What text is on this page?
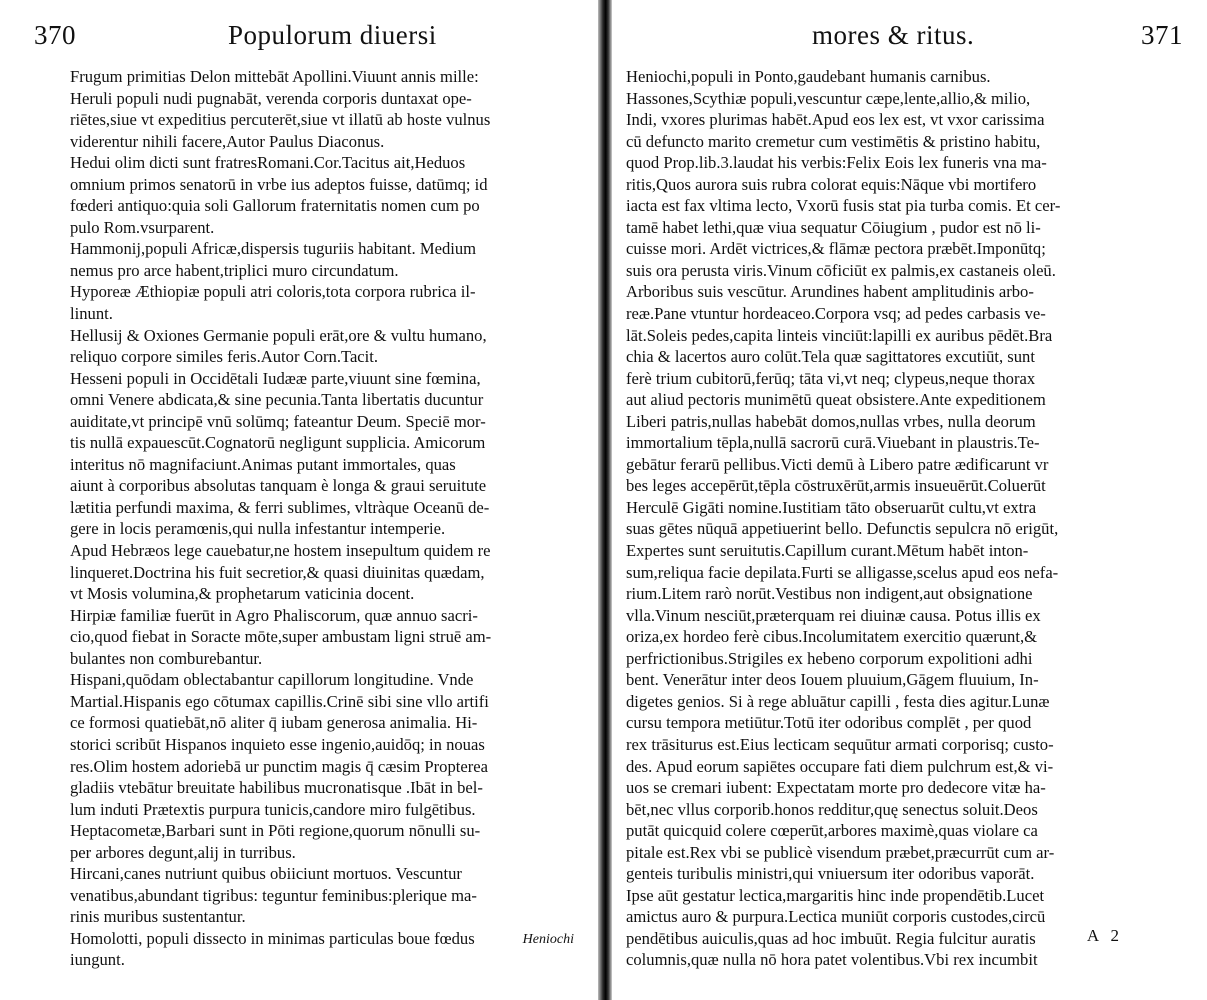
370	Populorum diuersi
Frugum primitias Delon mittebāt Apollini.Viuunt annis mille:
Heruli populi nudi pugnabāt, verenda corporis duntaxat ope-
riētes,siue vt expeditius percuterēt,siue vt illatū ab hoste vulnus
viderentur nihili facere,Autor Paulus Diaconus.
Hedui olim dicti sunt fratresRomani.Cor.Tacitus ait,Heduos
omnium primos senatorū in vrbe ius adeptos fuisse, datūmq; id
fœderi antiquo:quia soli Gallorum fraternitatis nomen cum po
pulo Rom.vsurparent.
Hammonij,populi Africæ,dispersis tuguriis habitant. Medium
nemus pro arce habent,triplici muro circundatum.
Hyporeæ Æthiopiæ populi atri coloris,tota corpora rubrica il-
linunt.
Hellusij & Oxiones Germanie populi erāt,ore & vultu humano,
reliquo corpore similes feris.Autor Corn.Tacit.
Hesseni populi in Occidētali Iudææ parte,viuunt sine fœmina,
omni Venere abdicata,& sine pecunia.Tanta libertatis ducuntur
auiditate,vt principē vnū solūmq; fateantur Deum. Speciē mor-
tis nullā expauescūt.Cognatorū negligunt supplicia. Amicorum
interitus nō magnifaciunt.Animas putant immortales, quas
aiunt à corporibus absolutas tanquam è longa & graui seruitute
lætitia perfundi maxima, & ferri sublimes, vltràque Oceanū de-
gere in locis peramœnis,qui nulla infestantur intemperie.
Apud Hebræos lege cauebatur,ne hostem insepultum quidem re
linqueret.Doctrina his fuit secretior,& quasi diuinitas quædam,
vt Mosis volumina,& prophetarum vaticinia docent.
Hirpiæ familiæ fuerūt in Agro Phaliscorum, quæ annuo sacri-
cio,quod fiebat in Soracte mōte,super ambustam ligni struē am-
bulantes non comburebantur.
Hispani,quōdam oblectabantur capillorum longitudine. Vnde
Martial.Hispanis ego cōtumax capillis.Crinē sibi sine vllo artifi
ce formosi quatiebāt,nō aliter q̄ iubam generosa animalia. Hi-
storici scribūt Hispanos inquieto esse ingenio,auidōq; in nouas
res.Olim hostem adoriebā ur punctim magis q̄ cæsim Propterea
gladiis vtebātur breuitate habilibus mucronatisque .Ibāt in bel-
lum induti Prætextis purpura tunicis,candore miro fulgētibus.
Heptacometæ,Barbari sunt in Pōti regione,quorum nōnulli su-
per arbores degunt,alij in turribus.
Hircani,canes nutriunt quibus obiiciunt mortuos. Vescuntur
venatibus,abundant tigribus: teguntur feminibus:plerique ma-
rinis muribus sustentantur.
Homolotti, populi dissecto in minimas particulas boue fœdus
iungunt.
Heniochi
mores & ritus.	371
Heniochi,populi in Ponto,gaudebant humanis carnibus.
Hassones,Scythiæ populi,vescuntur cæpe,lente,allio,& milio,
Indi, vxores plurimas habēt.Apud eos lex est, vt vxor carissima
cū defuncto marito cremetur cum vestimētis & pristino habitu,
quod Prop.lib.3.laudat his verbis:Felix Eois lex funeris vna ma-
ritis,Quos aurora suis rubra colorat equis:Nāque vbi mortifero
iacta est fax vltima lecto, Vxorū fusis stat pia turba comis. Et cer-
tamē habet lethi,quæ viua sequatur Cōiugium , pudor est nō li-
cuisse mori. Ardēt victrices,& flāmæ pectora præbēt.Imponūtq;
suis ora perusta viris.Vinum cōficiūt ex palmis,ex castaneis oleū.
Arboribus suis vescūtur. Arundines habent amplitudinis arbo-
reæ.Pane vtuntur hordeaceo.Corpora vsq; ad pedes carbasis ve-
lāt.Soleis pedes,capita linteis vinciūt:lapilli ex auribus pēdēt.Bra
chia & lacertos auro colūt.Tela quæ sagittatores excutiūt, sunt
ferè trium cubitorū,ferūq; tāta vi,vt neq; clypeus,neque thorax
aut aliud pectoris munimētū queat obsistere.Ante expeditionem
Liberi patris,nullas habebāt domos,nullas vrbes, nulla deorum
immortalium tēpla,nullā sacrorū curā.Viuebant in plaustris.Te-
gebātur ferarū pellibus.Victi demū à Libero patre ædificarunt vr
bes leges accepērūt,tēpla cōstruxērūt,armis insueuērūt.Coluerūt
Herculē Gigāti nomine.Iustitiam tāto obseruarūt cultu,vt extra
suas gētes nūquā appetiuerint bello. Defunctis sepulcra nō erigūt,
Expertes sunt seruitutis.Capillum curant.Mētum habēt inton-
sum,reliqua facie depilata.Furti se alligasse,scelus apud eos nefa-
rium.Litem rarò norūt.Vestibus non indigent,aut obsignatione
vlla.Vinum nesciūt,præterquam rei diuinæ causa. Potus illis ex
oriza,ex hordeo ferè cibus.Incolumitatem exercitio quærunt,&
perfrictionibus.Strigiles ex hebeno corporum expolitioni adhi
bent. Venerātur inter deos Iouem pluuium,Gāgem fluuium, In-
digetes genios. Si à rege abluātur capilli , festa dies agitur.Lunæ
cursu tempora metiūtur.Totū iter odoribus complēt , per quod
rex trāsiturus est.Eius lecticam sequūtur armati corporisq; custo-
des. Apud eorum sapiētes occupare fati diem pulchrum est,& vi-
uos se cremari iubent: Expectatam morte pro dedecore vitæ ha-
bēt,nec vllus corporib.honos redditur,quę senectus soluit.Deos
putāt quicquid colere cœperūt,arbores maximè,quas violare ca
pitale est.Rex vbi se publicè visendum præbet,præcurrūt cum ar-
genteis turibulis ministri,qui vniuersum iter odoribus vaporāt.
Ipse aūt gestatur lectica,margaritis hinc inde propendētib.Lucet
amictus auro & purpura.Lectica muniūt corporis custodes,circū
pendētibus auiculis,quas ad hoc imbuūt. Regia fulcitur auratis
columnis,quæ nulla nō hora patet volentibus.Vbi rex incumbit
A 2
